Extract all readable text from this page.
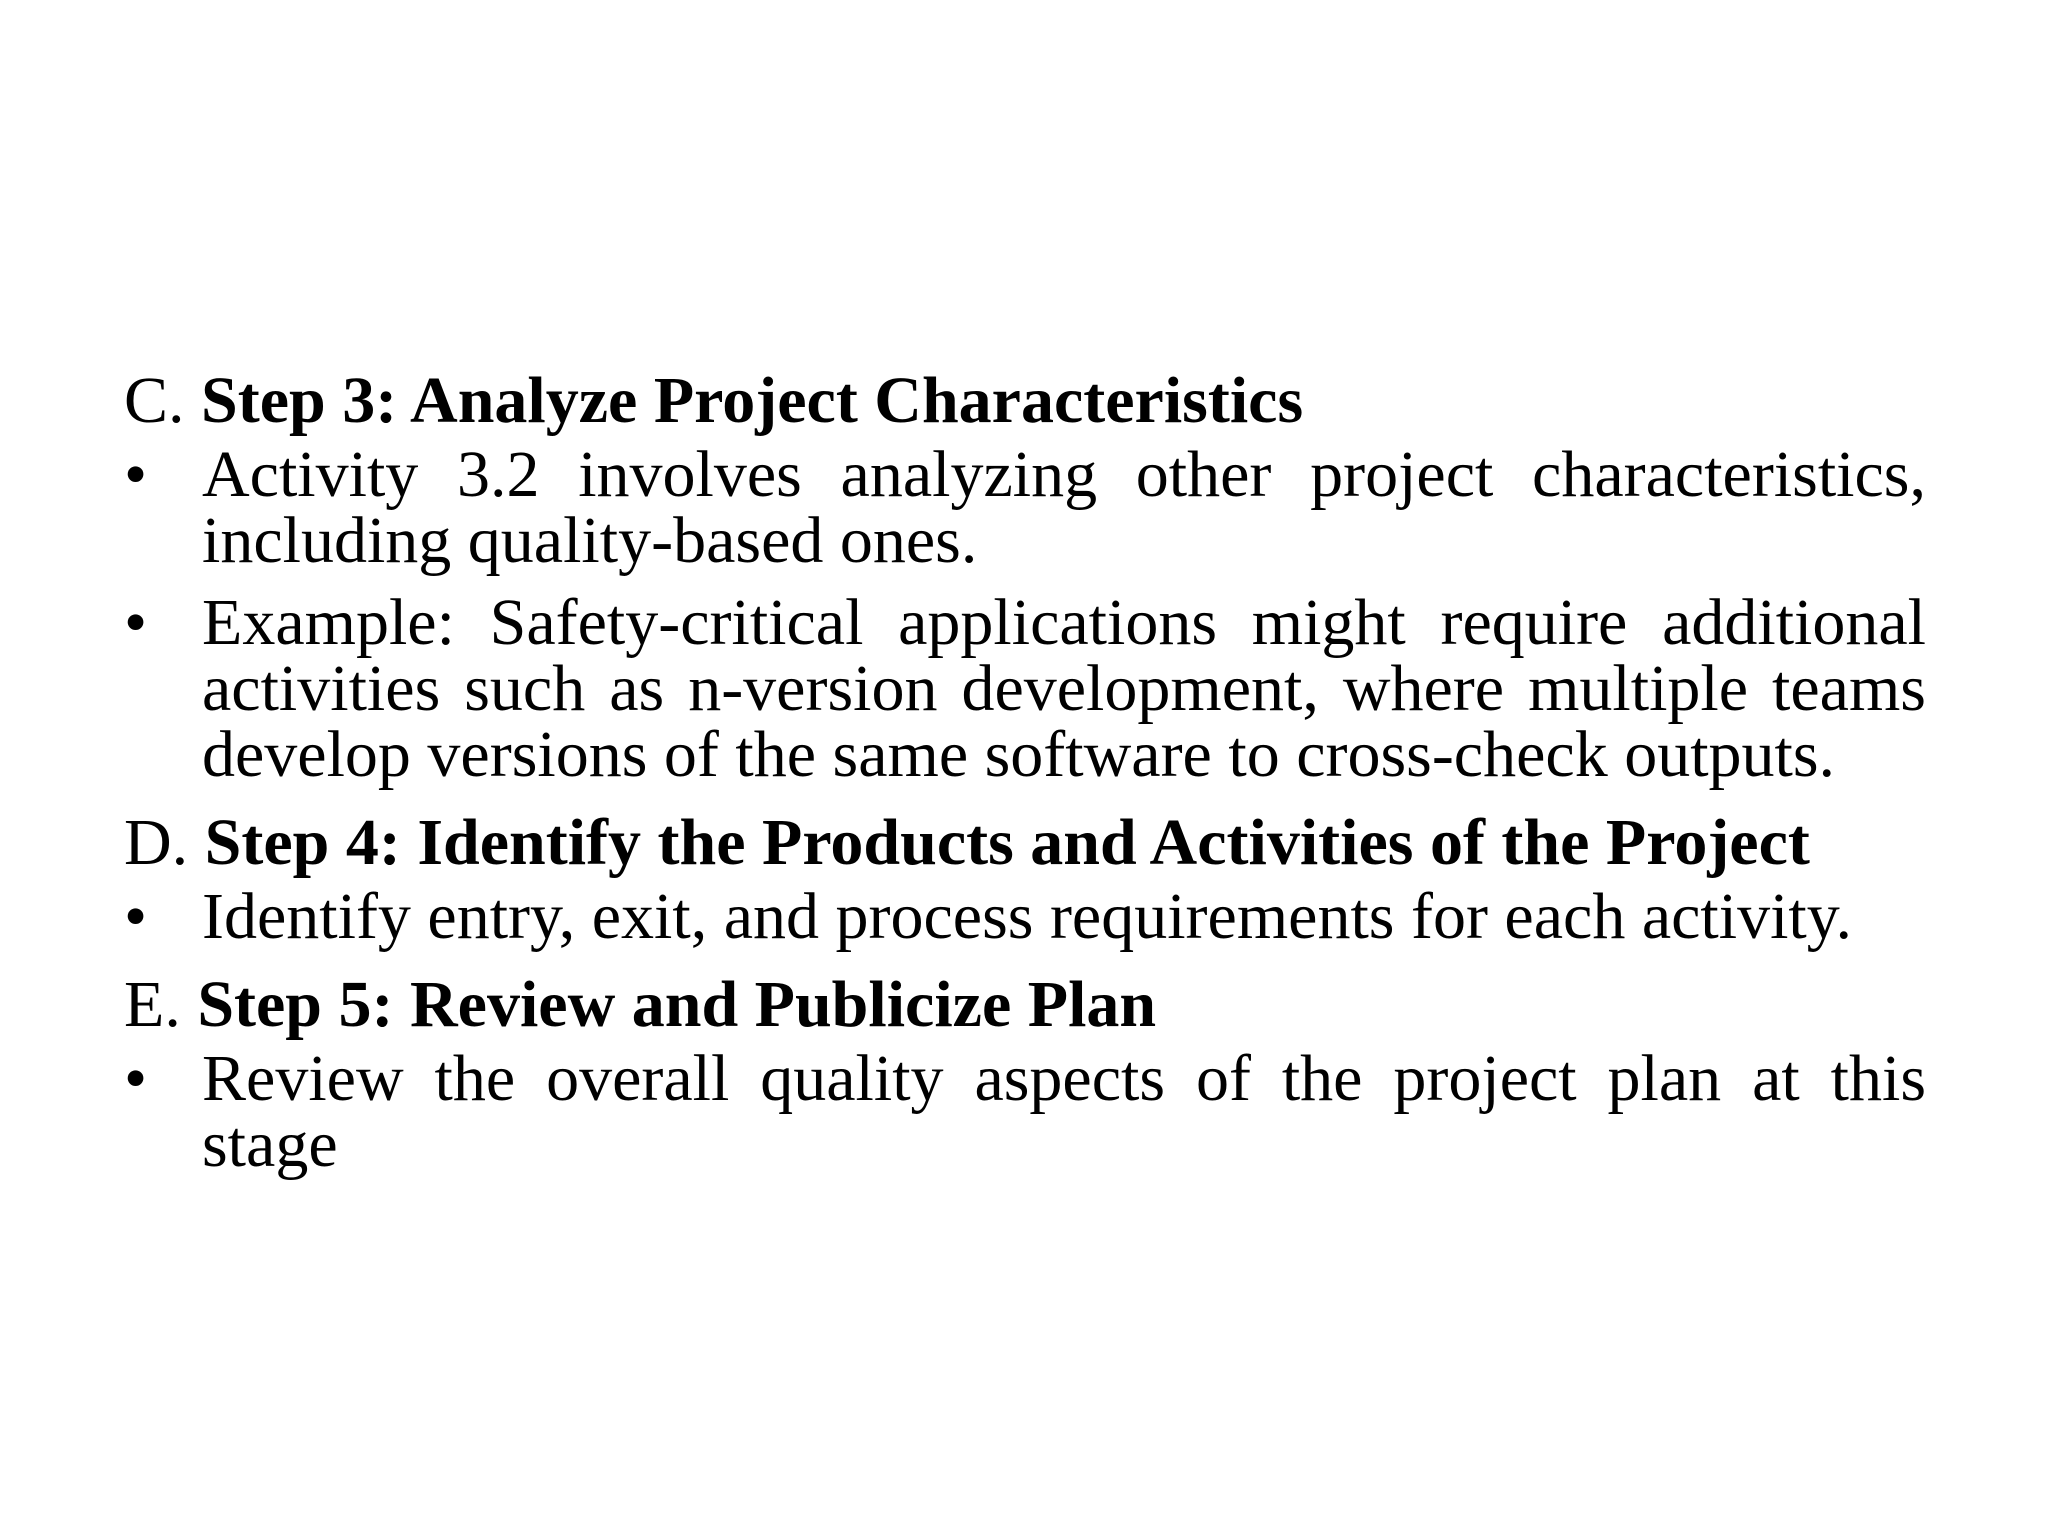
C. Step 3: Analyze Project Characteristics
• Activity 3.2 involves analyzing other project characteristics, including quality-based ones.
• Example: Safety-critical applications might require additional activities such as n-version development, where multiple teams develop versions of the same software to cross-check outputs.
D. Step 4: Identify the Products and Activities of the Project
• Identify entry, exit, and process requirements for each activity.
E. Step 5: Review and Publicize Plan
• Review the overall quality aspects of the project plan at this stage
